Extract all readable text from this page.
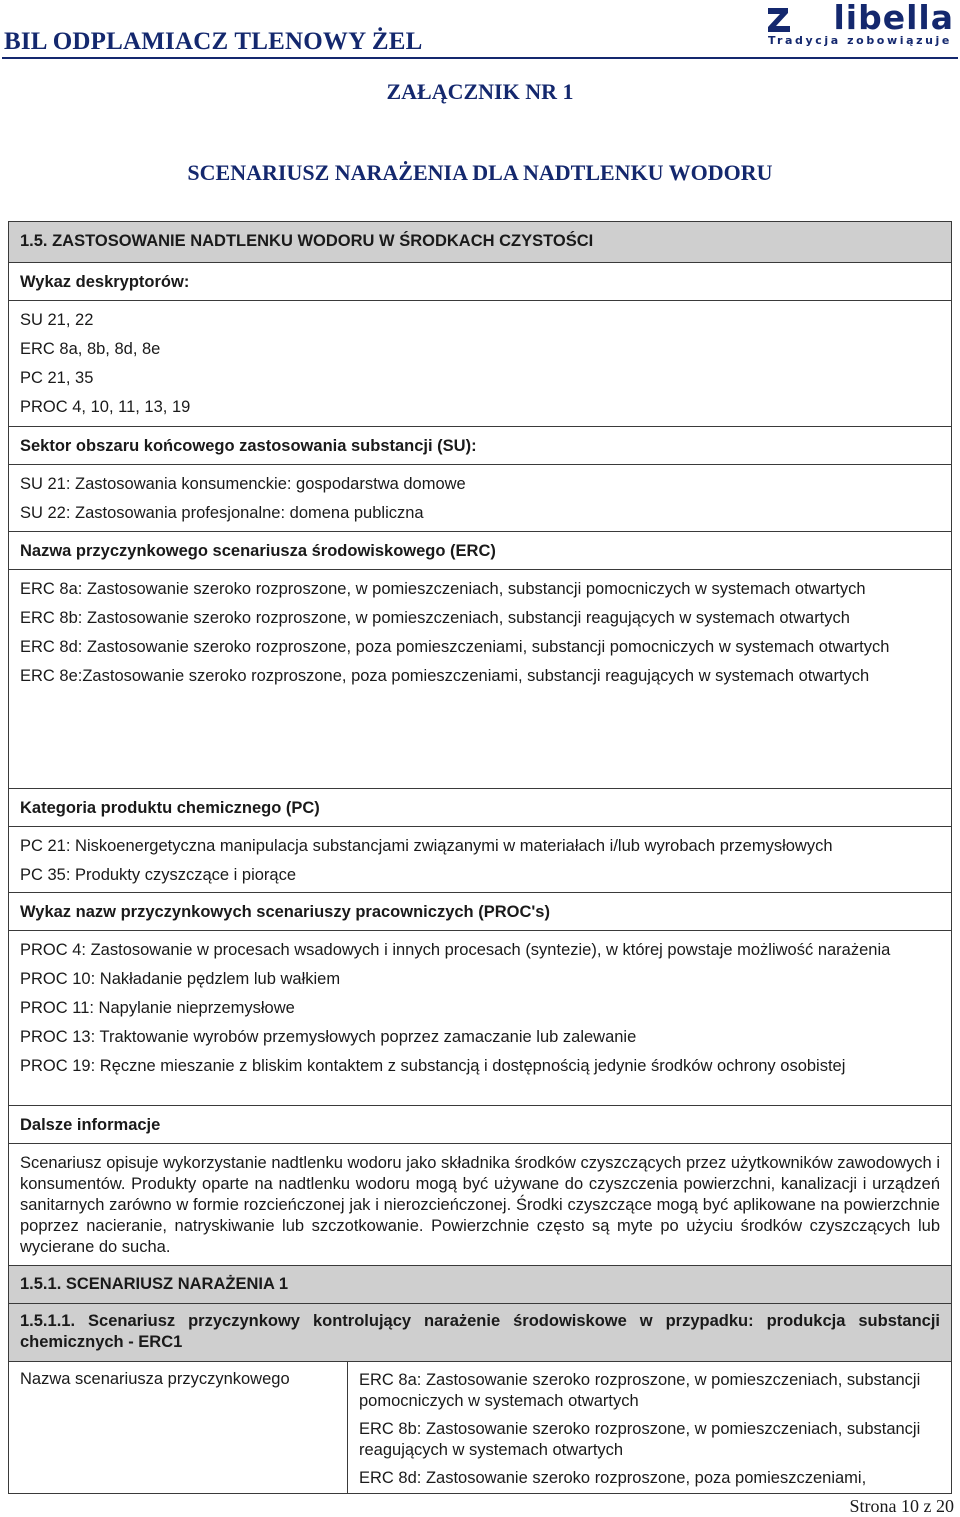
BIL ODPLAMIACZ TLENOWY ŻEL
libella
Tradycja zobowiązuje
ZAŁĄCZNIK NR 1
SCENARIUSZ NARAŻENIA DLA NADTLENKU WODORU
1.5. ZASTOSOWANIE NADTLENKU WODORU W ŚRODKACH CZYSTOŚCI
Wykaz deskryptorów:

SU 21, 22

ERC 8a, 8b, 8d, 8e

PC 21, 35

PROC 4, 10, 11, 13, 19

Sektor obszaru końcowego zastosowania substancji (SU):

SU 21: Zastosowania konsumenckie: gospodarstwa domowe

SU 22: Zastosowania profesjonalne: domena publiczna

Nazwa przyczynkowego scenariusza środowiskowego (ERC)

ERC 8a: Zastosowanie szeroko rozproszone, w pomieszczeniach, substancji pomocniczych w systemach otwartych

ERC 8b: Zastosowanie szeroko rozproszone, w pomieszczeniach, substancji reagujących w systemach otwartych

ERC 8d: Zastosowanie szeroko rozproszone, poza pomieszczeniami, substancji pomocniczych w systemach otwartych

ERC 8e:Zastosowanie szeroko rozproszone, poza pomieszczeniami, substancji reagujących w systemach otwartych

Kategoria produktu chemicznego (PC)

PC 21: Niskoenergetyczna manipulacja substancjami związanymi w materiałach i/lub wyrobach przemysłowych

PC 35: Produkty czyszczące i piorące

Wykaz nazw przyczynkowych scenariuszy pracowniczych (PROC's)

PROC 4: Zastosowanie w procesach wsadowych i innych procesach (syntezie), w której powstaje możliwość narażenia

PROC 10: Nakładanie pędzlem lub wałkiem

PROC 11: Napylanie nieprzemysłowe

PROC 13: Traktowanie wyrobów przemysłowych poprzez zamaczanie lub zalewanie

PROC 19: Ręczne mieszanie z bliskim kontaktem z substancją i dostępnością jedynie środków ochrony osobistej

Dalsze informacje

Scenariusz opisuje wykorzystanie nadtlenku wodoru jako składnika środków czyszczących przez użytkowników zawodowych i konsumentów. Produkty oparte na nadtlenku wodoru mogą być używane do czyszczenia powierzchni, kanalizacji i urządzeń sanitarnych zarówno w formie rozcieńczonej jak i nierozcieńczonej. Środki czyszczące mogą być aplikowane na powierzchnie poprzez nacieranie, natryskiwanie lub szczotkowanie. Powierzchnie często są myte po użyciu środków czyszczących lub wycierane do sucha.

1.5.1. SCENARIUSZ NARAŻENIA 1
1.5.1.1. Scenariusz przyczynkowy kontrolujący narażenie środowiskowe w przypadku: produkcja substancji chemicznych - ERC1
Nazwa scenariusza przyczynkowego	ERC 8a: Zastosowanie szeroko rozproszone, w pomieszczeniach, substancji pomocniczych w systemach otwartych

ERC 8b: Zastosowanie szeroko rozproszone, w pomieszczeniach, substancji reagujących w systemach otwartych

ERC 8d: Zastosowanie szeroko rozproszone, poza pomieszczeniami,

Strona 10 z 20
